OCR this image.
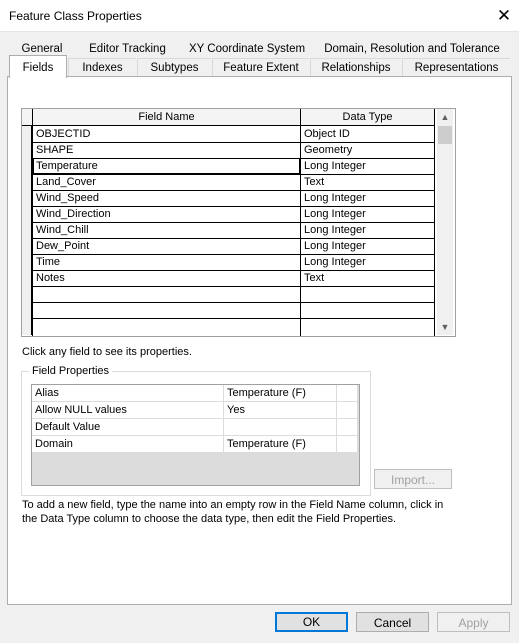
Feature Class Properties	✕
General	Editor Tracking	XY Coordinate System Domain, Resolution and Tolerance
Fields	Indexes	Subtypes	Feature Extent	Relationships	Representations
Field Name	Data Type
OBJECTID	Object ID
SHAPE	Geometry
Temperature	Long Integer
Land_Cover	Text
Wind_Speed	Long Integer
Wind_Direction	Long Integer
Wind_Chill	Long Integer
Dew_Point	Long Integer
Time	Long Integer
Notes	Text
▲
▼
Click any field to see its properties.
Field Properties
Alias	Temperature (F)
Allow NULL values	Yes
Default Value
Domain	Temperature (F)
Import...
To add a new field, type the name into an empty row in the Field Name column, click in the Data Type column to choose the data type, then edit the Field Properties.
OK	Cancel	Apply
